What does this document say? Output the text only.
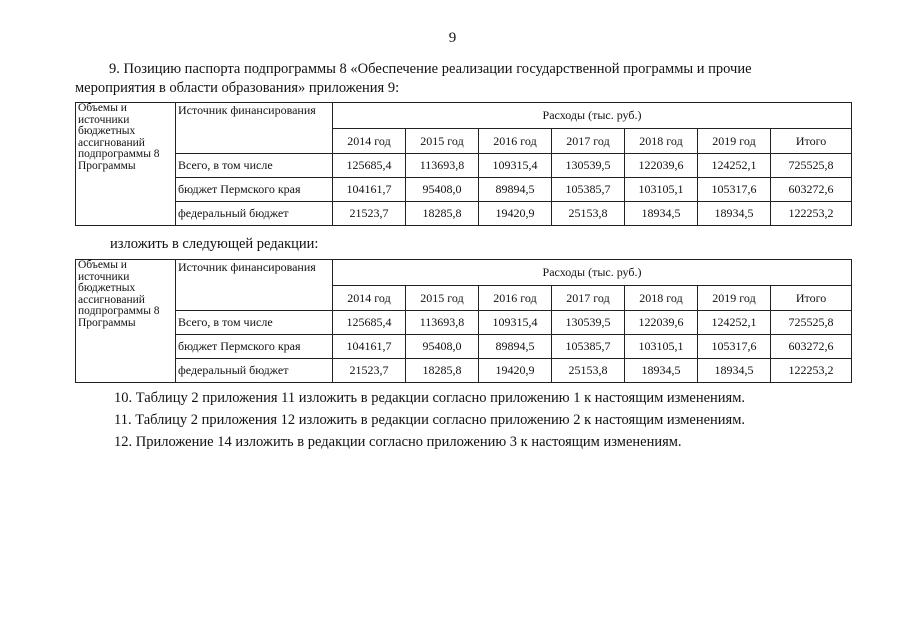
9
9. Позицию паспорта подпрограммы 8 «Обеспечение реализации государственной программы и прочие
мероприятия в области образования» приложения 9:
Объемы и источники бюджетных ассигнований подпрограммы 8 Программы	Источник финансирования	Расходы (тыс. руб.)						
		2014 год	2015 год	2016 год	2017 год	2018 год	2019 год	Итого
	Всего, в том числе	125685,4	113693,8	109315,4	130539,5	122039,6	124252,1	725525,8
	бюджет Пермского края	104161,7	95408,0	89894,5	105385,7	103105,1	105317,6	603272,6
	федеральный бюджет	21523,7	18285,8	19420,9	25153,8	18934,5	18934,5	122253,2
изложить в следующей редакции:
Объемы и источники бюджетных ассигнований подпрограммы 8 Программы	Источник финансирования	Расходы (тыс. руб.)						
		2014 год	2015 год	2016 год	2017 год	2018 год	2019 год	Итого
	Всего, в том числе	125685,4	113693,8	109315,4	130539,5	122039,6	124252,1	725525,8
	бюджет Пермского края	104161,7	95408,0	89894,5	105385,7	103105,1	105317,6	603272,6
	федеральный бюджет	21523,7	18285,8	19420,9	25153,8	18934,5	18934,5	122253,2
10. Таблицу 2 приложения 11 изложить в редакции согласно приложению 1 к настоящим изменениям.
11. Таблицу 2 приложения 12 изложить в редакции согласно приложению 2 к настоящим изменениям.
12. Приложение 14 изложить в редакции согласно приложению 3 к настоящим изменениям.
